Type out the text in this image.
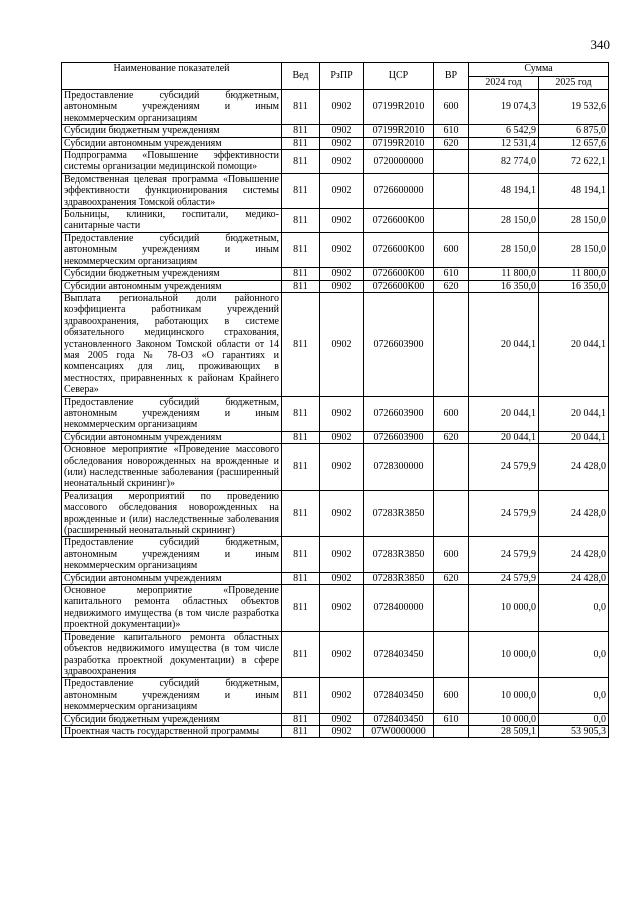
340
Наименование показателей	Вед	РзПР	ЦСР	ВР	Сумма	
					2024 год	2025 год
Предоставление субсидий бюджетным, автономным учреждениям и иным некоммерческим организациям	811	0902	07199R2010	600	19 074,3	19 532,6
Субсидии бюджетным учреждениям	811	0902	07199R2010	610	6 542,9	6 875,0
Субсидии автономным учреждениям	811	0902	07199R2010	620	12 531,4	12 657,6
Подпрограмма «Повышение эффективности системы организации медицинской помощи»	811	0902	0720000000		82 774,0	72 622,1
Ведомственная целевая программа «Повышение эффективности функционирования системы здравоохранения Томской области»	811	0902	0726600000		48 194,1	48 194,1
Больницы, клиники, госпитали, медико-санитарные части	811	0902	0726600К00		28 150,0	28 150,0
Предоставление субсидий бюджетным, автономным учреждениям и иным некоммерческим организациям	811	0902	0726600К00	600	28 150,0	28 150,0
Субсидии бюджетным учреждениям	811	0902	0726600К00	610	11 800,0	11 800,0
Субсидии автономным учреждениям	811	0902	0726600К00	620	16 350,0	16 350,0
Выплата региональной доли районного коэффициента работникам учреждений здравоохранения, работающих в системе обязательного медицинского страхования, установленного Законом Томской области от 14 мая 2005 года № 78-ОЗ «О гарантиях и компенсациях для лиц, проживающих в местностях, приравненных к районам Крайнего Севера»	811	0902	0726603900		20 044,1	20 044,1
Предоставление субсидий бюджетным, автономным учреждениям и иным некоммерческим организациям	811	0902	0726603900	600	20 044,1	20 044,1
Субсидии автономным учреждениям	811	0902	0726603900	620	20 044,1	20 044,1
Основное мероприятие «Проведение массового обследования новорожденных на врожденные и (или) наследственные заболевания (расширенный неонатальный скрининг)»	811	0902	0728300000		24 579,9	24 428,0
Реализация мероприятий по проведению массового обследования новорожденных на врожденные и (или) наследственные заболевания (расширенный неонатальный скрининг)	811	0902	07283R3850		24 579,9	24 428,0
Предоставление субсидий бюджетным, автономным учреждениям и иным некоммерческим организациям	811	0902	07283R3850	600	24 579,9	24 428,0
Субсидии автономным учреждениям	811	0902	07283R3850	620	24 579,9	24 428,0
Основное мероприятие «Проведение капитального ремонта областных объектов недвижимого имущества (в том числе разработка проектной документации)»	811	0902	0728400000		10 000,0	0,0
Проведение капитального ремонта областных объектов недвижимого имущества (в том числе разработка проектной документации) в сфере здравоохранения	811	0902	0728403450		10 000,0	0,0
Предоставление субсидий бюджетным, автономным учреждениям и иным некоммерческим организациям	811	0902	0728403450	600	10 000,0	0,0
Субсидии бюджетным учреждениям	811	0902	0728403450	610	10 000,0	0,0
Проектная часть государственной программы	811	0902	07W0000000		28 509,1	53 905,3
